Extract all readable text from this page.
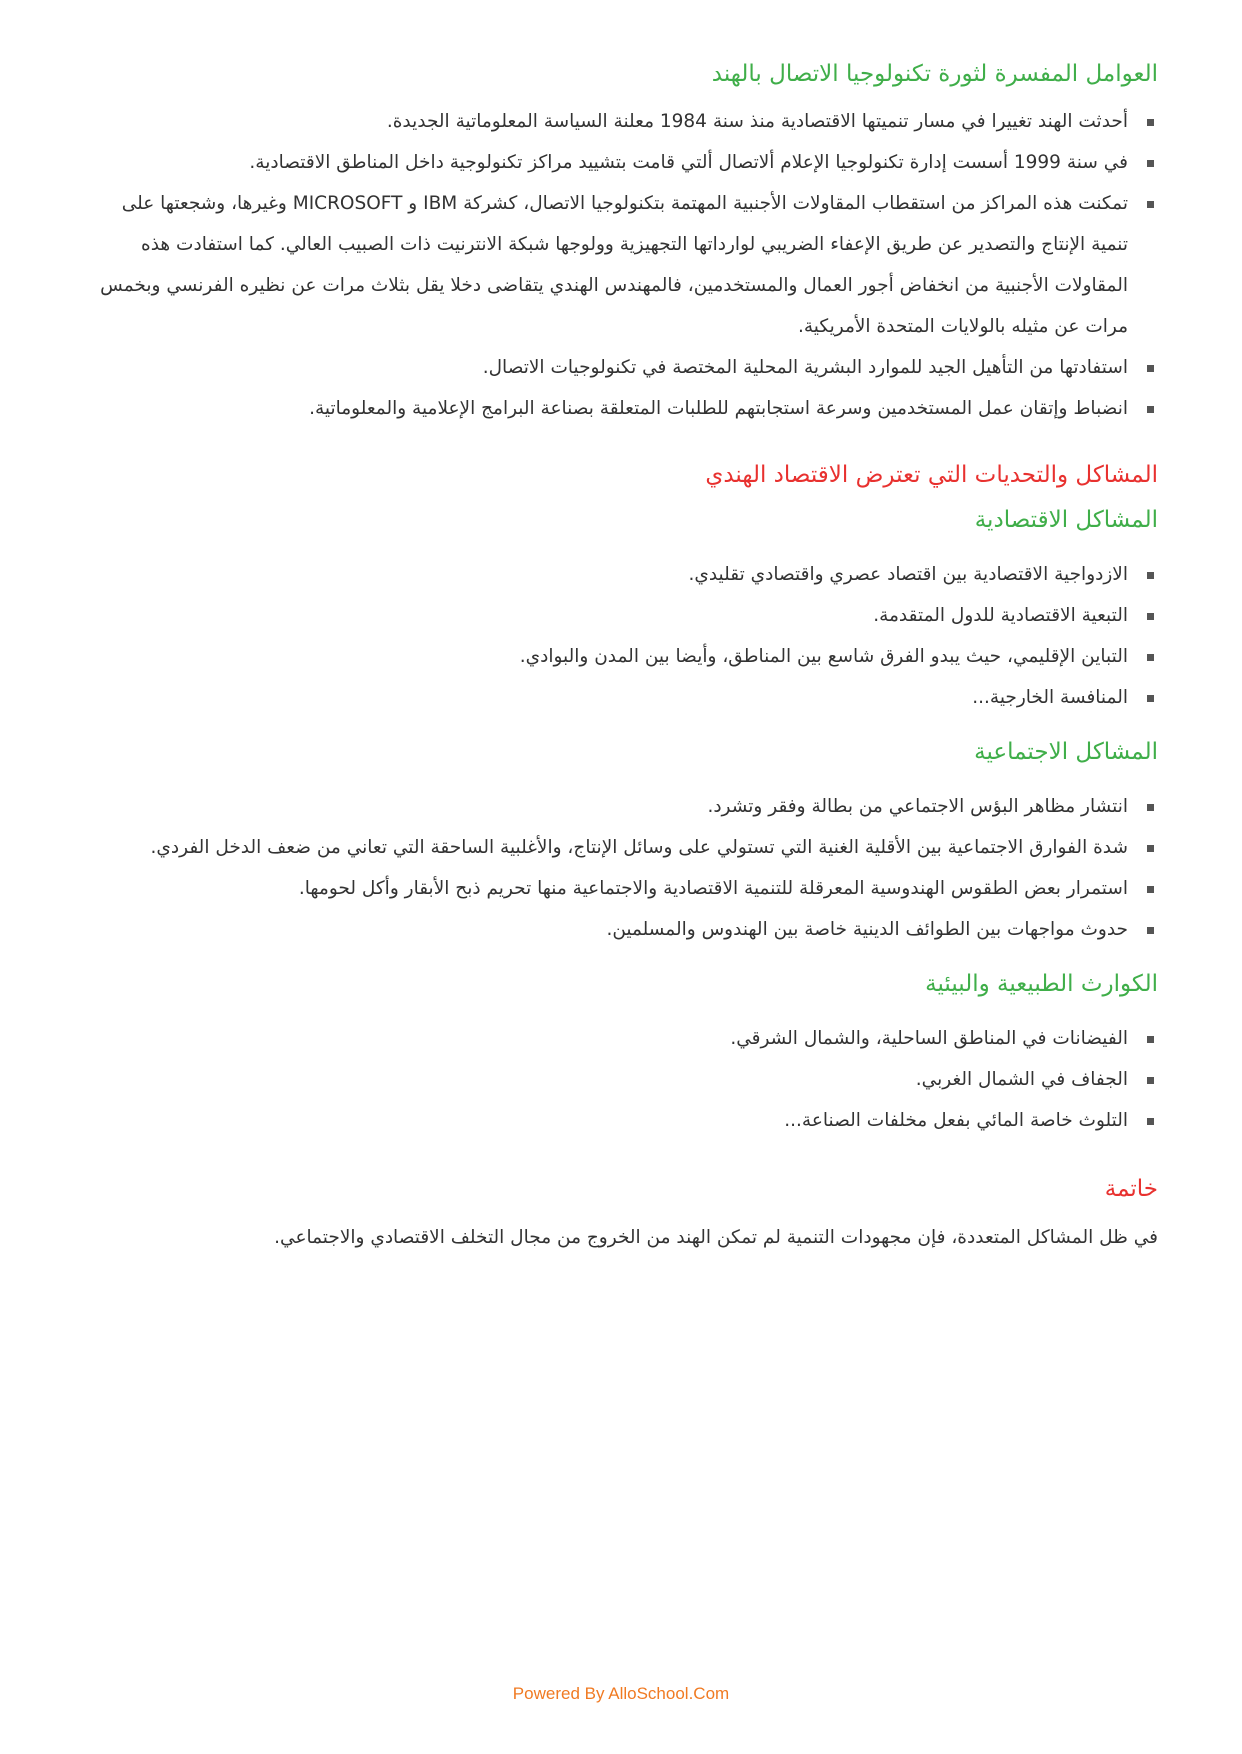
العوامل المفسرة لثورة تكنولوجيا الاتصال بالهند
أحدثت الهند تغييرا في مسار تنميتها الاقتصادية منذ سنة 1984 معلنة السياسة المعلوماتية الجديدة.
في سنة 1999 أسست إدارة تكنولوجيا الإعلام ألاتصال ألتي قامت بتشييد مراكز تكنولوجية داخل المناطق الاقتصادية.
تمكنت هذه المراكز من استقطاب المقاولات الأجنبية المهتمة بتكنولوجيا الاتصال، كشركة IBM و MICROSOFT وغيرها، وشجعتها على تنمية الإنتاج والتصدير عن طريق الإعفاء الضريبي لوارداتها التجهيزية وولوجها شبكة الانترنيت ذات الصبيب العالي. كما استفادت هذه المقاولات الأجنبية من انخفاض أجور العمال والمستخدمين، فالمهندس الهندي يتقاضى دخلا يقل بثلاث مرات عن نظيره الفرنسي وبخمس مرات عن مثيله بالولايات المتحدة الأمريكية.
استفادتها من التأهيل الجيد للموارد البشرية المحلية المختصة في تكنولوجيات الاتصال.
انضباط وإتقان عمل المستخدمين وسرعة استجابتهم للطلبات المتعلقة بصناعة البرامج الإعلامية والمعلوماتية.
المشاكل والتحديات التي تعترض الاقتصاد الهندي
المشاكل الاقتصادية
الازدواجية الاقتصادية بين اقتصاد عصري واقتصادي تقليدي.
التبعية الاقتصادية للدول المتقدمة.
التباين الإقليمي، حيث يبدو الفرق شاسع بين المناطق، وأيضا بين المدن والبوادي.
المنافسة الخارجية...
المشاكل الاجتماعية
انتشار مظاهر البؤس الاجتماعي من بطالة وفقر وتشرد.
شدة الفوارق الاجتماعية بين الأقلية الغنية التي تستولي على وسائل الإنتاج، والأغلبية الساحقة التي تعاني من ضعف الدخل الفردي.
استمرار بعض الطقوس الهندوسية المعرقلة للتنمية الاقتصادية والاجتماعية منها تحريم ذبح الأبقار وأكل لحومها.
حدوث مواجهات بين الطوائف الدينية خاصة بين الهندوس والمسلمين.
الكوارث الطبيعية والبيئية
الفيضانات في المناطق الساحلية، والشمال الشرقي.
الجفاف في الشمال الغربي.
التلوث خاصة المائي بفعل مخلفات الصناعة...
خاتمة

في ظل المشاكل المتعددة، فإن مجهودات التنمية لم تمكن الهند من الخروج من مجال التخلف الاقتصادي والاجتماعي.

Powered By AlloSchool.Com
